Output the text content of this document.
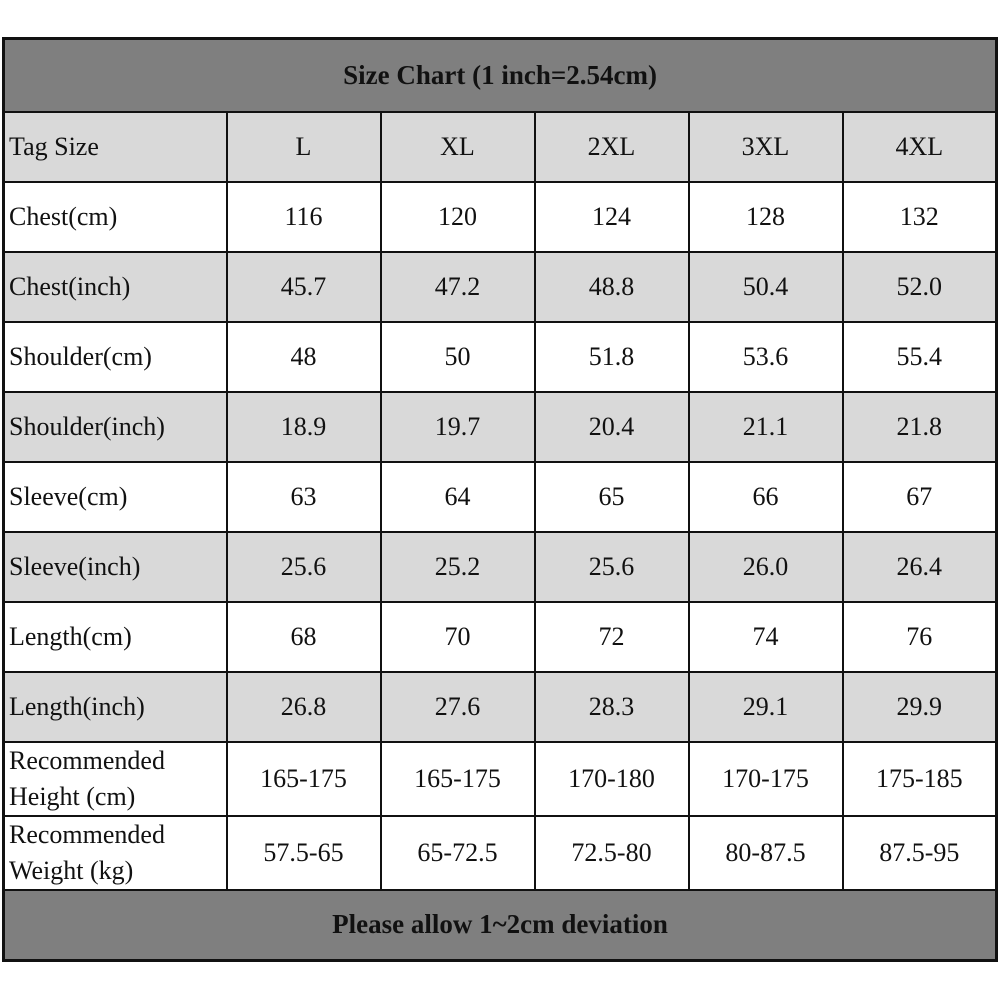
Size Chart (1 inch=2.54cm)					
Tag Size	L	XL	2XL	3XL	4XL
Chest(cm)	116	120	124	128	132
Chest(inch)	45.7	47.2	48.8	50.4	52.0
Shoulder(cm)	48	50	51.8	53.6	55.4
Shoulder(inch)	18.9	19.7	20.4	21.1	21.8
Sleeve(cm)	63	64	65	66	67
Sleeve(inch)	25.6	25.2	25.6	26.0	26.4
Length(cm)	68	70	72	74	76
Length(inch)	26.8	27.6	28.3	29.1	29.9
Recommended
Height (cm)	165-175	165-175	170-180	170-175	175-185
Recommended
Weight (kg)	57.5-65	65-72.5	72.5-80	80-87.5	87.5-95
Please allow 1~2cm deviation					
